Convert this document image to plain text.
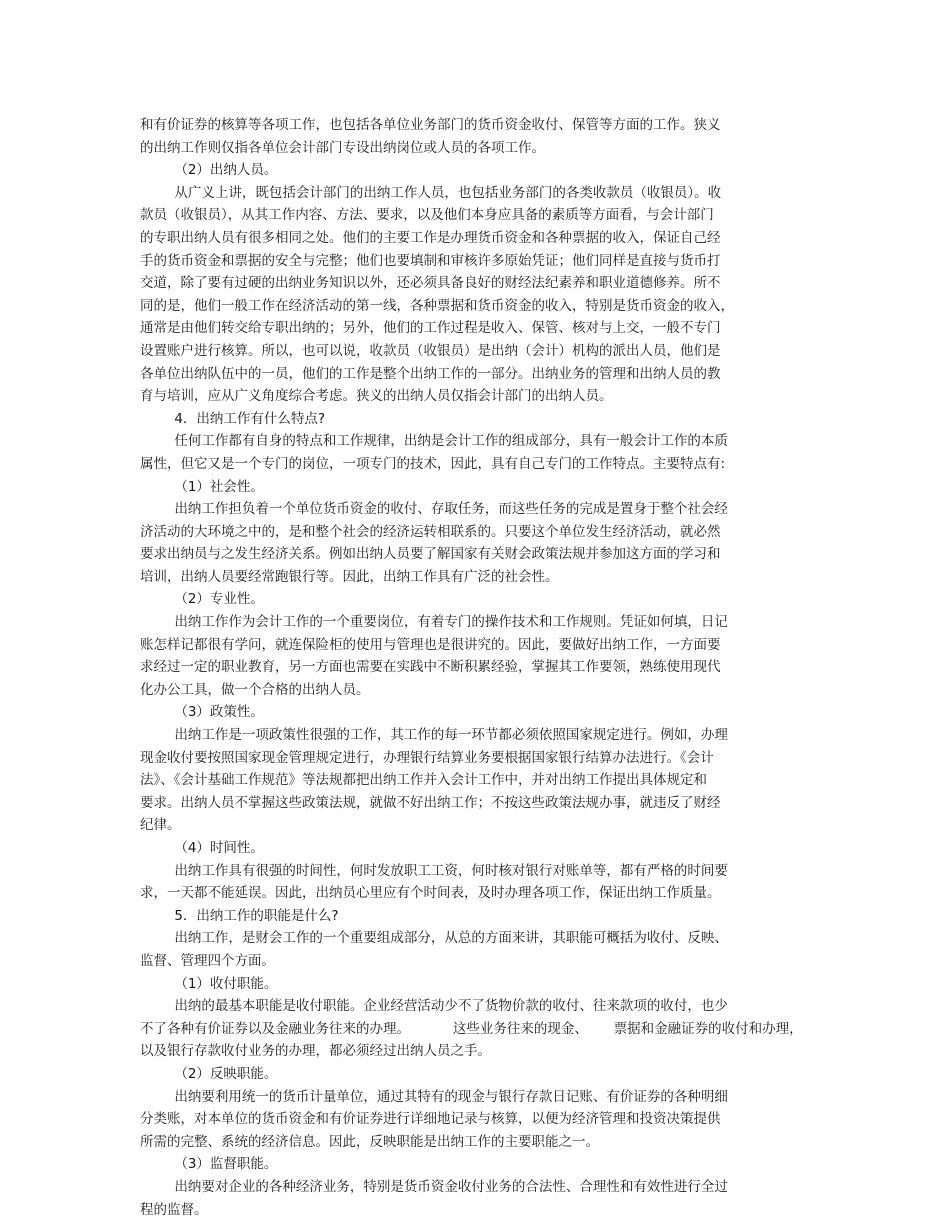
和有价证券的核算等各项工作，也包括各单位业务部门的货币资金收付、保管等方面的工作。狭义
的出纳工作则仅指各单位会计部门专设出纳岗位或人员的各项工作。
（2）出纳人员。
从广义上讲，既包括会计部门的出纳工作人员，也包括业务部门的各类收款员（收银员）。收
款员（收银员），从其工作内容、方法、要求，以及他们本身应具备的素质等方面看，与会计部门
的专职出纳人员有很多相同之处。他们的主要工作是办理货币资金和各种票据的收入，保证自己经
手的货币资金和票据的安全与完整；他们也要填制和审核许多原始凭证；他们同样是直接与货币打
交道，除了要有过硬的出纳业务知识以外，还必须具备良好的财经法纪素养和职业道德修养。所不
同的是，他们一般工作在经济活动的第一线，各种票据和货币资金的收入，特别是货币资金的收入，
通常是由他们转交给专职出纳的；另外，他们的工作过程是收入、保管、核对与上交，一般不专门
设置账户进行核算。所以，也可以说，收款员（收银员）是出纳（会计）机构的派出人员，他们是
各单位出纳队伍中的一员，他们的工作是整个出纳工作的一部分。出纳业务的管理和出纳人员的教
育与培训，应从广义角度综合考虑。狭义的出纳人员仅指会计部门的出纳人员。
4．出纳工作有什么特点?
任何工作都有自身的特点和工作规律，出纳是会计工作的组成部分，具有一般会计工作的本质
属性，但它又是一个专门的岗位，一项专门的技术，因此，具有自己专门的工作特点。主要特点有:
（1）社会性。
出纳工作担负着一个单位货币资金的收付、存取任务，而这些任务的完成是置身于整个社会经
济活动的大环境之中的，是和整个社会的经济运转相联系的。只要这个单位发生经济活动，就必然
要求出纳员与之发生经济关系。例如出纳人员要了解国家有关财会政策法规并参加这方面的学习和
培训，出纳人员要经常跑银行等。因此，出纳工作具有广泛的社会性。
（2）专业性。
出纳工作作为会计工作的一个重要岗位，有着专门的操作技术和工作规则。凭证如何填，日记
账怎样记都很有学问，就连保险柜的使用与管理也是很讲究的。因此，要做好出纳工作，一方面要
求经过一定的职业教育，另一方面也需要在实践中不断积累经验，掌握其工作要领，熟练使用现代
化办公工具，做一个合格的出纳人员。
（3）政策性。
出纳工作是一项政策性很强的工作，其工作的每一环节都必须依照国家规定进行。例如，办理
现金收付要按照国家现金管理规定进行，办理银行结算业务要根据国家银行结算办法进行。《会计
法》、《会计基础工作规范》等法规都把出纳工作并入会计工作中，并对出纳工作提出具体规定和
要求。出纳人员不掌握这些政策法规，就做不好出纳工作；不按这些政策法规办事，就违反了财经
纪律。
（4）时间性。
出纳工作具有很强的时间性，何时发放职工工资，何时核对银行对账单等，都有严格的时间要
求，一天都不能延误。因此，出纳员心里应有个时间表，及时办理各项工作，保证出纳工作质量。
5．出纳工作的职能是什么?
出纳工作，是财会工作的一个重要组成部分，从总的方面来讲，其职能可概括为收付、反映、
监督、管理四个方面。
（1）收付职能。
出纳的最基本职能是收付职能。企业经营活动少不了货物价款的收付、往来款项的收付，也少
不了各种有价证券以及金融业务往来的办理。          这些业务往来的现金、      票据和金融证券的收付和办理，
以及银行存款收付业务的办理，都必须经过出纳人员之手。
（2）反映职能。
出纳要利用统一的货币计量单位，通过其特有的现金与银行存款日记账、有价证券的各种明细
分类账，对本单位的货币资金和有价证券进行详细地记录与核算，以便为经济管理和投资决策提供
所需的完整、系统的经济信息。因此，反映职能是出纳工作的主要职能之一。
（3）监督职能。
出纳要对企业的各种经济业务，特别是货币资金收付业务的合法性、合理性和有效性进行全过
程的监督。
